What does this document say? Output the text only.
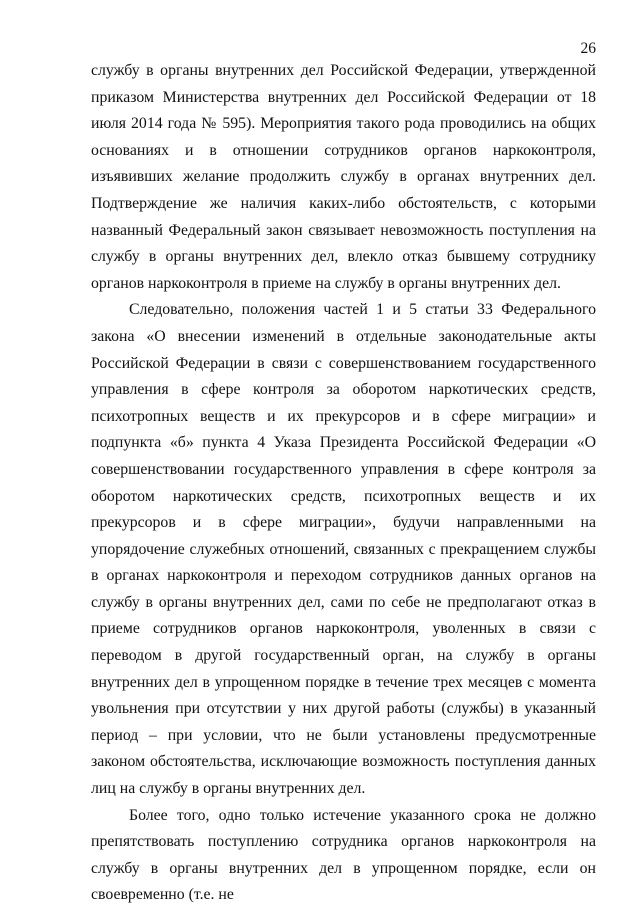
26

службу в органы внутренних дел Российской Федерации, утвержденной приказом Министерства внутренних дел Российской Федерации от 18 июля 2014 года № 595). Мероприятия такого рода проводились на общих основаниях и в отношении сотрудников органов наркоконтроля, изъявивших желание продолжить службу в органах внутренних дел. Подтверждение же наличия каких-либо обстоятельств, с которыми названный Федеральный закон связывает невозможность поступления на службу в органы внутренних дел, влекло отказ бывшему сотруднику органов наркоконтроля в приеме на службу в органы внутренних дел.

Следовательно, положения частей 1 и 5 статьи 33 Федерального закона «О внесении изменений в отдельные законодательные акты Российской Федерации в связи с совершенствованием государственного управления в сфере контроля за оборотом наркотических средств, психотропных веществ и их прекурсоров и в сфере миграции» и подпункта «б» пункта 4 Указа Президента Российской Федерации «О совершенствовании государственного управления в сфере контроля за оборотом наркотических средств, психотропных веществ и их прекурсоров и в сфере миграции», будучи направленными на упорядочение служебных отношений, связанных с прекращением службы в органах наркоконтроля и переходом сотрудников данных органов на службу в органы внутренних дел, сами по себе не предполагают отказ в приеме сотрудников органов наркоконтроля, уволенных в связи с переводом в другой государственный орган, на службу в органы внутренних дел в упрощенном порядке в течение трех месяцев с момента увольнения при отсутствии у них другой работы (службы) в указанный период – при условии, что не были установлены предусмотренные законом обстоятельства, исключающие возможность поступления данных лиц на службу в органы внутренних дел.

Более того, одно только истечение указанного срока не должно препятствовать поступлению сотрудника органов наркоконтроля на службу в органы внутренних дел в упрощенном порядке, если он своевременно (т.е. не
